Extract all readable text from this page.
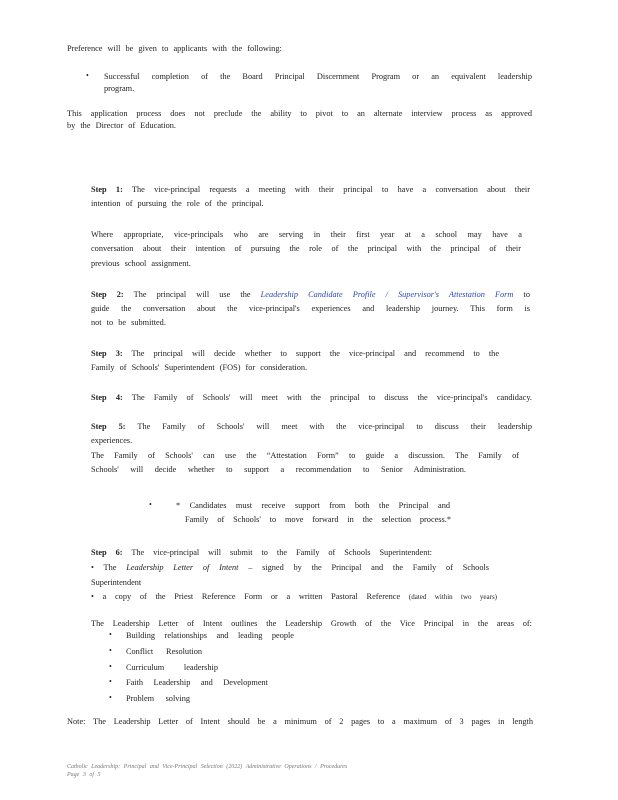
Preference will be given to applicants with the following:
• Successful completion of the Board Principal Discernment Program or an equivalent leadership
program.
This application process does not preclude the ability to pivot to an alternate interview process as approved
by the Director of Education.
Step 1: The vice-principal requests a meeting with their principal to have a conversation about their
intention of pursuing the role of the principal.
Where appropriate, vice-principals who are serving in their first year at a school may have a
conversation about their intention of pursuing the role of the principal with the principal of their
previous school assignment.
Step 2: The principal will use the Leadership Candidate Profile / Supervisor's Attestation Form to
guide the conversation about the vice-principal's experiences and leadership journey. This form is
not to be submitted.
Step 3: The principal will decide whether to support the vice-principal and recommend to the
Family of Schools' Superintendent (FOS) for consideration.
Step 4: The Family of Schools' will meet with the principal to discuss the vice-principal's candidacy.
Step 5: The Family of Schools' will meet with the vice-principal to discuss their leadership
experiences.
The Family of Schools' can use the “Attestation Form” to guide a discussion. The Family of
Schools' will decide whether to support a recommendation to Senior Administration.
•	* Candidates must receive support from both the Principal and
Family of Schools' to move forward in the selection process.*
Step 6: The vice-principal will submit to the Family of Schools Superintendent:
• The Leadership Letter of Intent – signed by the Principal and the Family of Schools
Superintendent
• a copy of the Priest Reference Form or a written Pastoral Reference (dated within two years)
The Leadership Letter of Intent outlines the Leadership Growth of the Vice Principal in the areas of:
• Building relationships and leading people
• Conflict Resolution
• Curriculum leadership
• Faith Leadership and Development
• Problem solving
Note: The Leadership Letter of Intent should be a minimum of 2 pages to a maximum of 3 pages in length
Catholic Leadership: Principal and Vice-Principal Selection (2022) Administrative Operations / Procedures
Page 3 of 5
